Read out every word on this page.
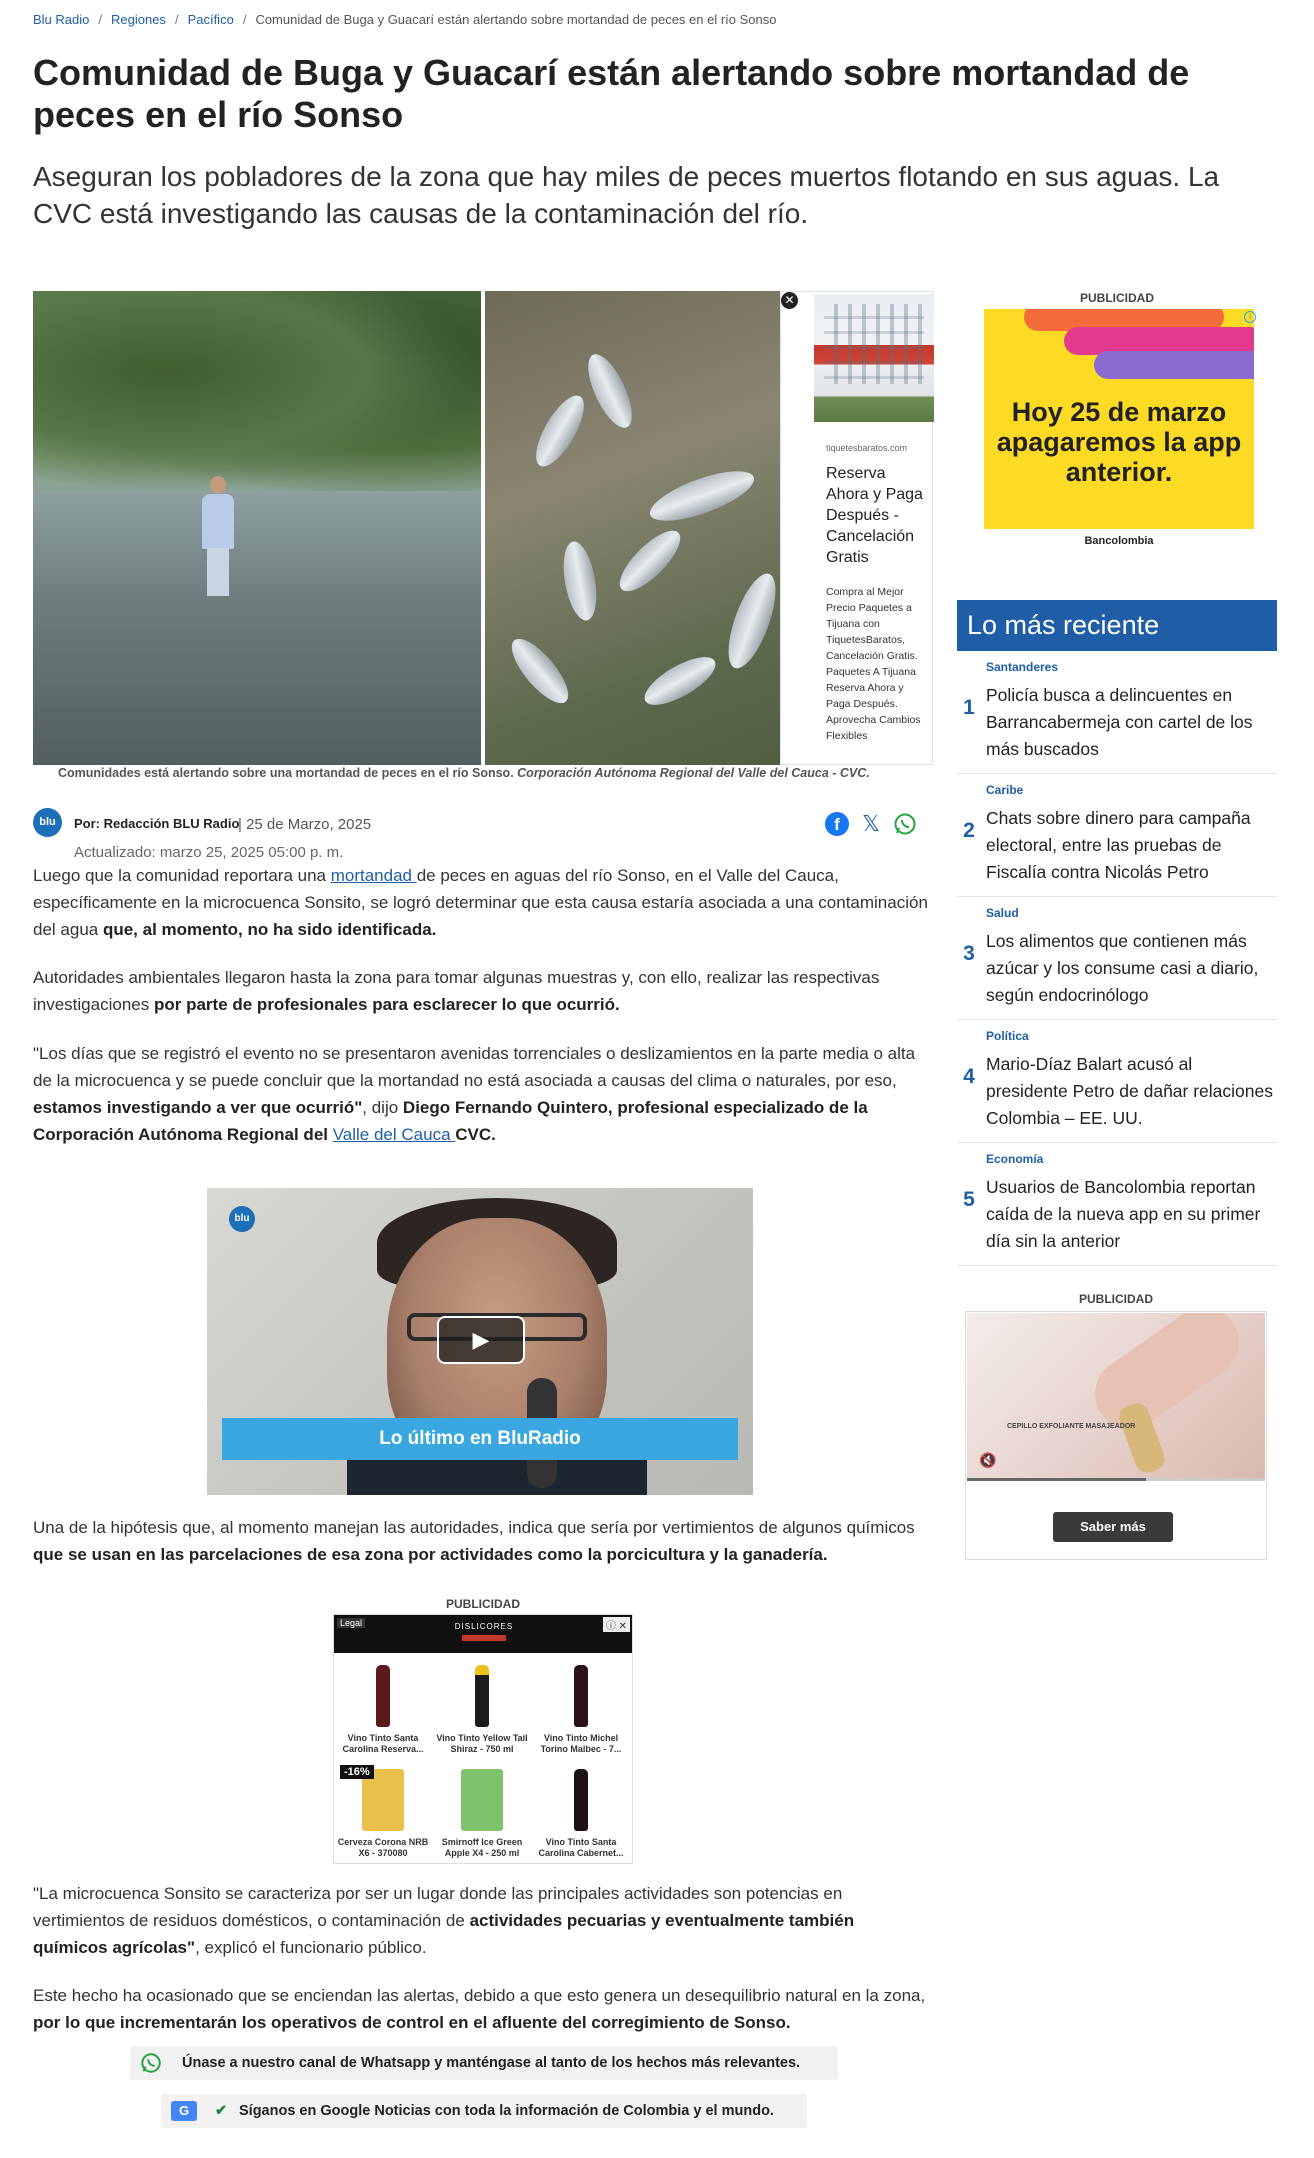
Blu Radio / Regiones / Pacífico / Comunidad de Buga y Guacarí están alertando sobre mortandad de peces en el río Sonso
Comunidad de Buga y Guacarí están alertando sobre mortandad de peces en el río Sonso
Aseguran los pobladores de la zona que hay miles de peces muertos flotando en sus aguas. La CVC está investigando las causas de la contaminación del río.
✕
tiquetesbaratos.com
Reserva Ahora y Paga Después - Cancelación Gratis
Compra al Mejor Precio Paquetes a Tijuana con TiquetesBaratos, Cancelación Gratis. Paquetes A Tijuana Reserva Ahora y Paga Después. Aprovecha Cambios Flexibles
Comunidades está alertando sobre una mortandad de peces en el río Sonso. Corporación Autónoma Regional del Valle del Cauca - CVC.
blu	Por: Redacción BLU Radio
| 25 de Marzo, 2025
Actualizado: marzo 25, 2025 05:00 p. m.
f	𝕏

Luego que la comunidad reportara una mortandad de peces en aguas del río Sonso, en el Valle del Cauca, específicamente en la microcuenca Sonsito, se logró determinar que esta causa estaría asociada a una contaminación del agua que, al momento, no ha sido identificada.

Autoridades ambientales llegaron hasta la zona para tomar algunas muestras y, con ello, realizar las respectivas investigaciones por parte de profesionales para esclarecer lo que ocurrió.

"Los días que se registró el evento no se presentaron avenidas torrenciales o deslizamientos en la parte media o alta de la microcuenca y se puede concluir que la mortandad no está asociada a causas del clima o naturales, por eso, estamos investigando a ver que ocurrió", dijo Diego Fernando Quintero, profesional especializado de la Corporación Autónoma Regional del Valle del Cauca CVC.

Una de la hipótesis que, al momento manejan las autoridades, indica que sería por vertimientos de algunos químicos que se usan en las parcelaciones de esa zona por actividades como la porcicultura y la ganadería.

"La microcuenca Sonsito se caracteriza por ser un lugar donde las principales actividades son potencias en vertimientos de residuos domésticos, o contaminación de actividades pecuarias y eventualmente también químicos agrícolas", explicó el funcionario público.

Este hecho ha ocasionado que se enciendan las alertas, debido a que esto genera un desequilibrio natural en la zona, por lo que incrementarán los operativos de control en el afluente del corregimiento de Sonso.

blu
▶
Lo último en BluRadio
PUBLICIDAD
Legal	DISLICORES	ⓘ ✕
Vino Tinto Santa Carolina Reserva...
Vino Tinto Yellow Tail Shiraz - 750 ml
Vino Tinto Michel Torino Malbec - 7...
-16%
Cerveza Corona NRB X6 - 370080
Smirnoff Ice Green Apple X4 - 250 ml
Vino Tinto Santa Carolina Cabernet...
Únase a nuestro canal de Whatsapp y manténgase al tanto de los hechos más relevantes.
G	✔ Síganos en Google Noticias con toda la información de Colombia y el mundo.
PUBLICIDAD
Hoy 25 de marzo apagaremos la app anterior.
i
Bancolombia
Lo más reciente
1
Santanderes
Policía busca a delincuentes en Barrancabermeja con cartel de los más buscados
2
Caribe
Chats sobre dinero para campaña electoral, entre las pruebas de Fiscalía contra Nicolás Petro
3
Salud
Los alimentos que contienen más azúcar y los consume casi a diario, según endocrinólogo
4
Política
Mario-Díaz Balart acusó al presidente Petro de dañar relaciones Colombia – EE. UU.
5
Economía
Usuarios de Bancolombia reportan caída de la nueva app en su primer día sin la anterior
PUBLICIDAD
CEPILLO EXFOLIANTE MASAJEADOR
🔇
Saber más
